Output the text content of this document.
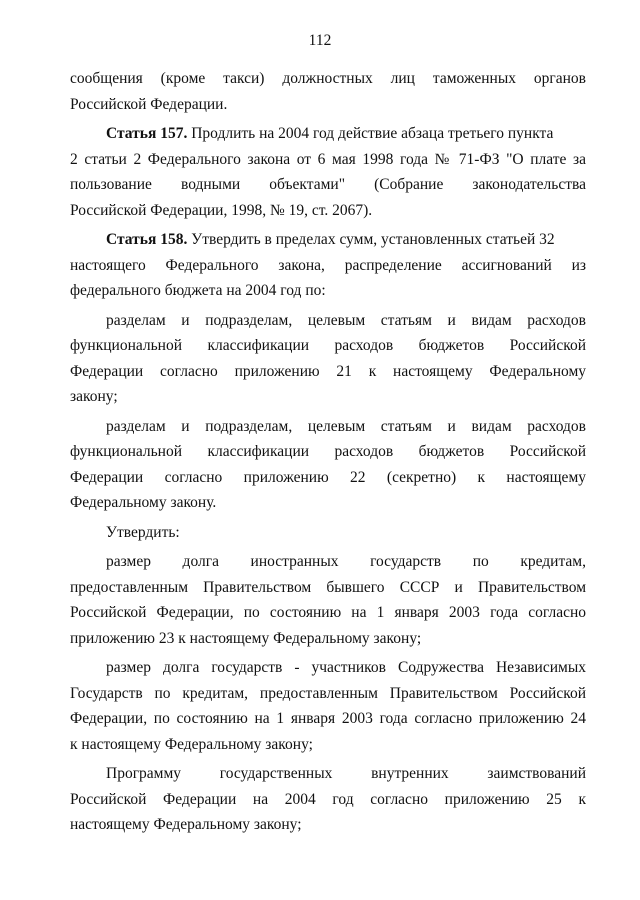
112
сообщения (кроме такси) должностных лиц таможенных органов
Российской Федерации.
Статья 157. Продлить на 2004 год действие абзаца третьего пункта
2 статьи 2 Федерального закона от 6 мая 1998 года № 71-ФЗ "О плате за
пользование водными объектами" (Собрание законодательства
Российской Федерации, 1998, № 19, ст. 2067).
Статья 158. Утвердить в пределах сумм, установленных статьей 32
настоящего Федерального закона, распределение ассигнований из
федерального бюджета на 2004 год по:
разделам и подразделам, целевым статьям и видам расходов
функциональной классификации расходов бюджетов Российской
Федерации согласно приложению 21 к настоящему Федеральному
закону;
разделам и подразделам, целевым статьям и видам расходов
функциональной классификации расходов бюджетов Российской
Федерации согласно приложению 22 (секретно) к настоящему
Федеральному закону.
Утвердить:
размер долга иностранных государств по кредитам,
предоставленным Правительством бывшего СССР и Правительством
Российской Федерации, по состоянию на 1 января 2003 года согласно
приложению 23 к настоящему Федеральному закону;
размер долга государств - участников Содружества Независимых
Государств по кредитам, предоставленным Правительством Российской
Федерации, по состоянию на 1 января 2003 года согласно приложению 24
к настоящему Федеральному закону;
Программу государственных внутренних заимствований
Российской Федерации на 2004 год согласно приложению 25 к
настоящему Федеральному закону;
